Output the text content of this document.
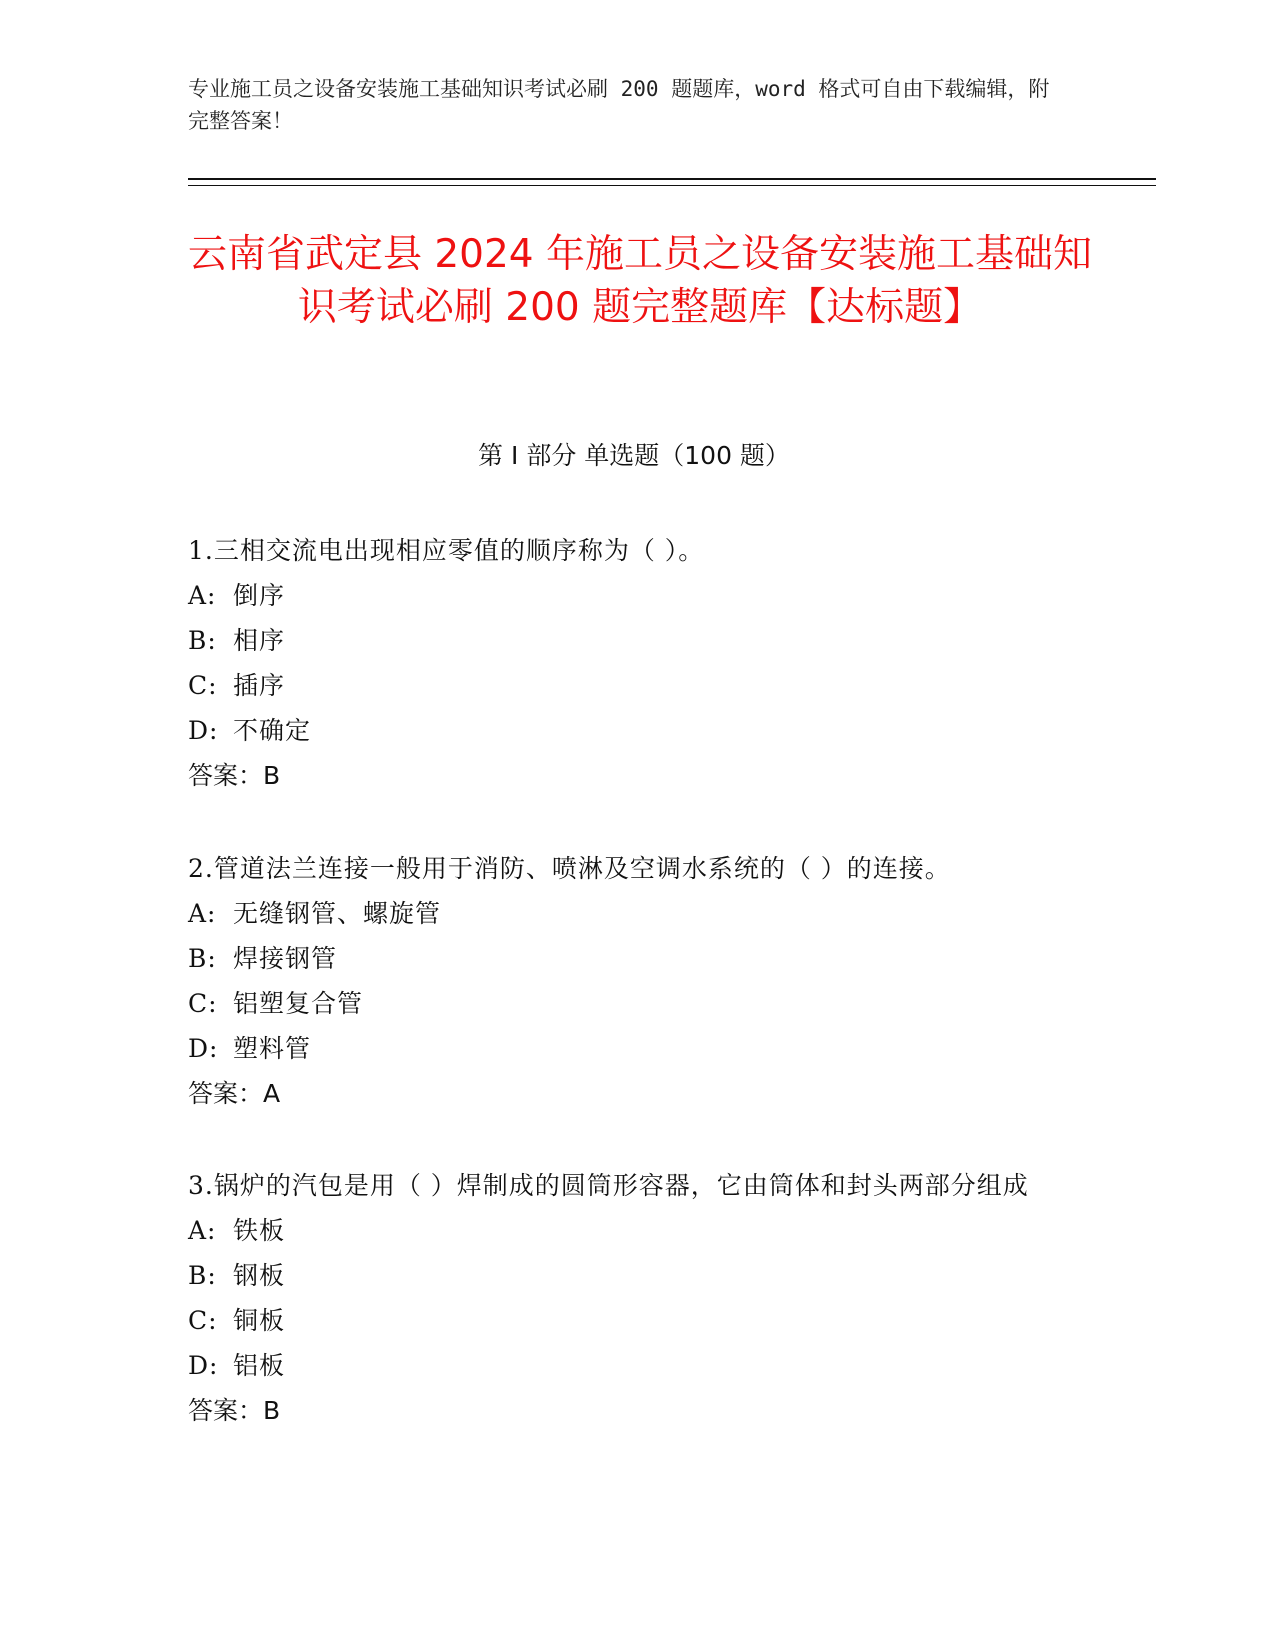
专业施工员之设备安装施工基础知识考试必刷 200 题题库，word 格式可自由下载编辑，附完整答案！
云南省武定县 2024 年施工员之设备安装施工基础知识考试必刷 200 题完整题库【达标题】
第 I 部分 单选题（100 题）
1.三相交流电出现相应零值的顺序称为（ ）。
A: 倒序
B: 相序
C: 插序
D: 不确定
答案：B
2.管道法兰连接一般用于消防、喷淋及空调水系统的（ ）的连接。
A: 无缝钢管、螺旋管
B: 焊接钢管
C: 铝塑复合管
D: 塑料管
答案：A
3.锅炉的汽包是用（ ）焊制成的圆筒形容器，它由筒体和封头两部分组成
A: 铁板
B: 钢板
C: 铜板
D: 铝板
答案：B
